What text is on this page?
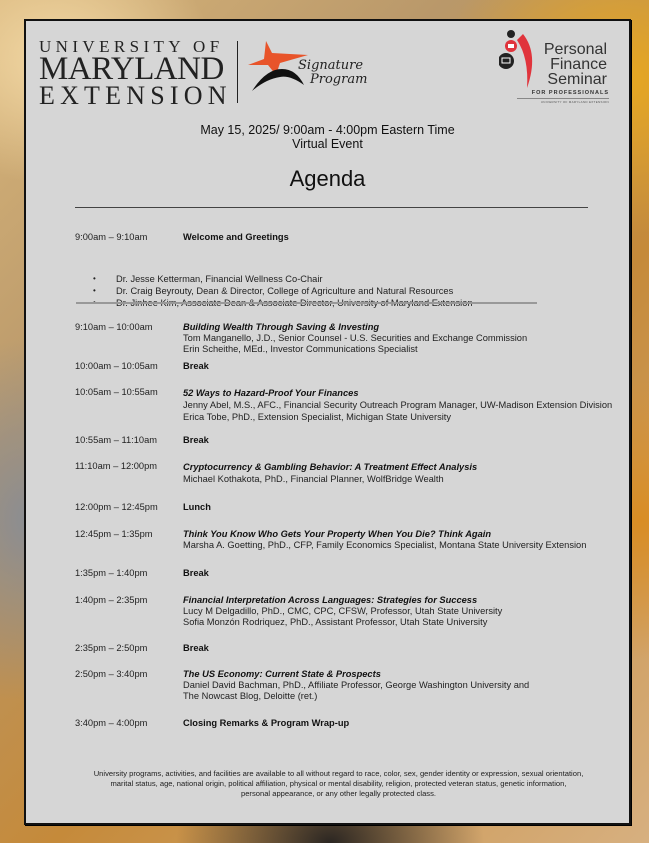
UNIVERSITY OF
MARYLAND
EXTENSION
Signature
Program
Personal
Finance
Seminar
FOR PROFESSIONALS
UNIVERSITY OF MARYLAND EXTENSION
May 15, 2025/ 9:00am - 4:00pm Eastern Time
Virtual Event
Agenda
9:00am – 9:10am	Welcome and Greetings
• Dr. Jesse Ketterman, Financial Wellness Co-Chair
• Dr. Craig Beyrouty, Dean & Director, College of Agriculture and Natural Resources
•
9:10am – 10:00am	Building Wealth Through Saving & Investing
Tom Manganello, J.D., Senior Counsel - U.S. Securities and Exchange Commission
Erin Scheithe, MEd., Investor Communications Specialist
10:00am – 10:05am	Break
10:05am – 10:55am	52 Ways to Hazard-Proof Your Finances
Jenny Abel, M.S., AFC., Financial Security Outreach Program Manager, UW-Madison Extension Division
Erica Tobe, PhD., Extension Specialist, Michigan State University
10:55am – 11:10am	Break
11:10am – 12:00pm	Cryptocurrency & Gambling Behavior: A Treatment Effect Analysis
Michael Kothakota, PhD., Financial Planner, WolfBridge Wealth
12:00pm – 12:45pm	Lunch
12:45pm – 1:35pm	Think You Know Who Gets Your Property When You Die? Think Again
Marsha A. Goetting, PhD., CFP, Family Economics Specialist, Montana State University Extension
1:35pm – 1:40pm	Break
1:40pm – 2:35pm	Financial Interpretation Across Languages: Strategies for Success
Lucy M Delgadillo, PhD., CMC, CPC, CFSW, Professor, Utah State University
Sofia Monzón Rodriquez, PhD., Assistant Professor, Utah State University
2:35pm – 2:50pm	Break
2:50pm – 3:40pm	The US Economy: Current State & Prospects
Daniel David Bachman, PhD., Affiliate Professor, George Washington University and
The Nowcast Blog, Deloitte (ret.)
3:40pm – 4:00pm	Closing Remarks & Program Wrap-up
University programs, activities, and facilities are available to all without regard to race, color, sex, gender identity or expression, sexual orientation,
marital status, age, national origin, political affiliation, physical or mental disability, religion, protected veteran status, genetic information,
personal appearance, or any other legally protected class.
